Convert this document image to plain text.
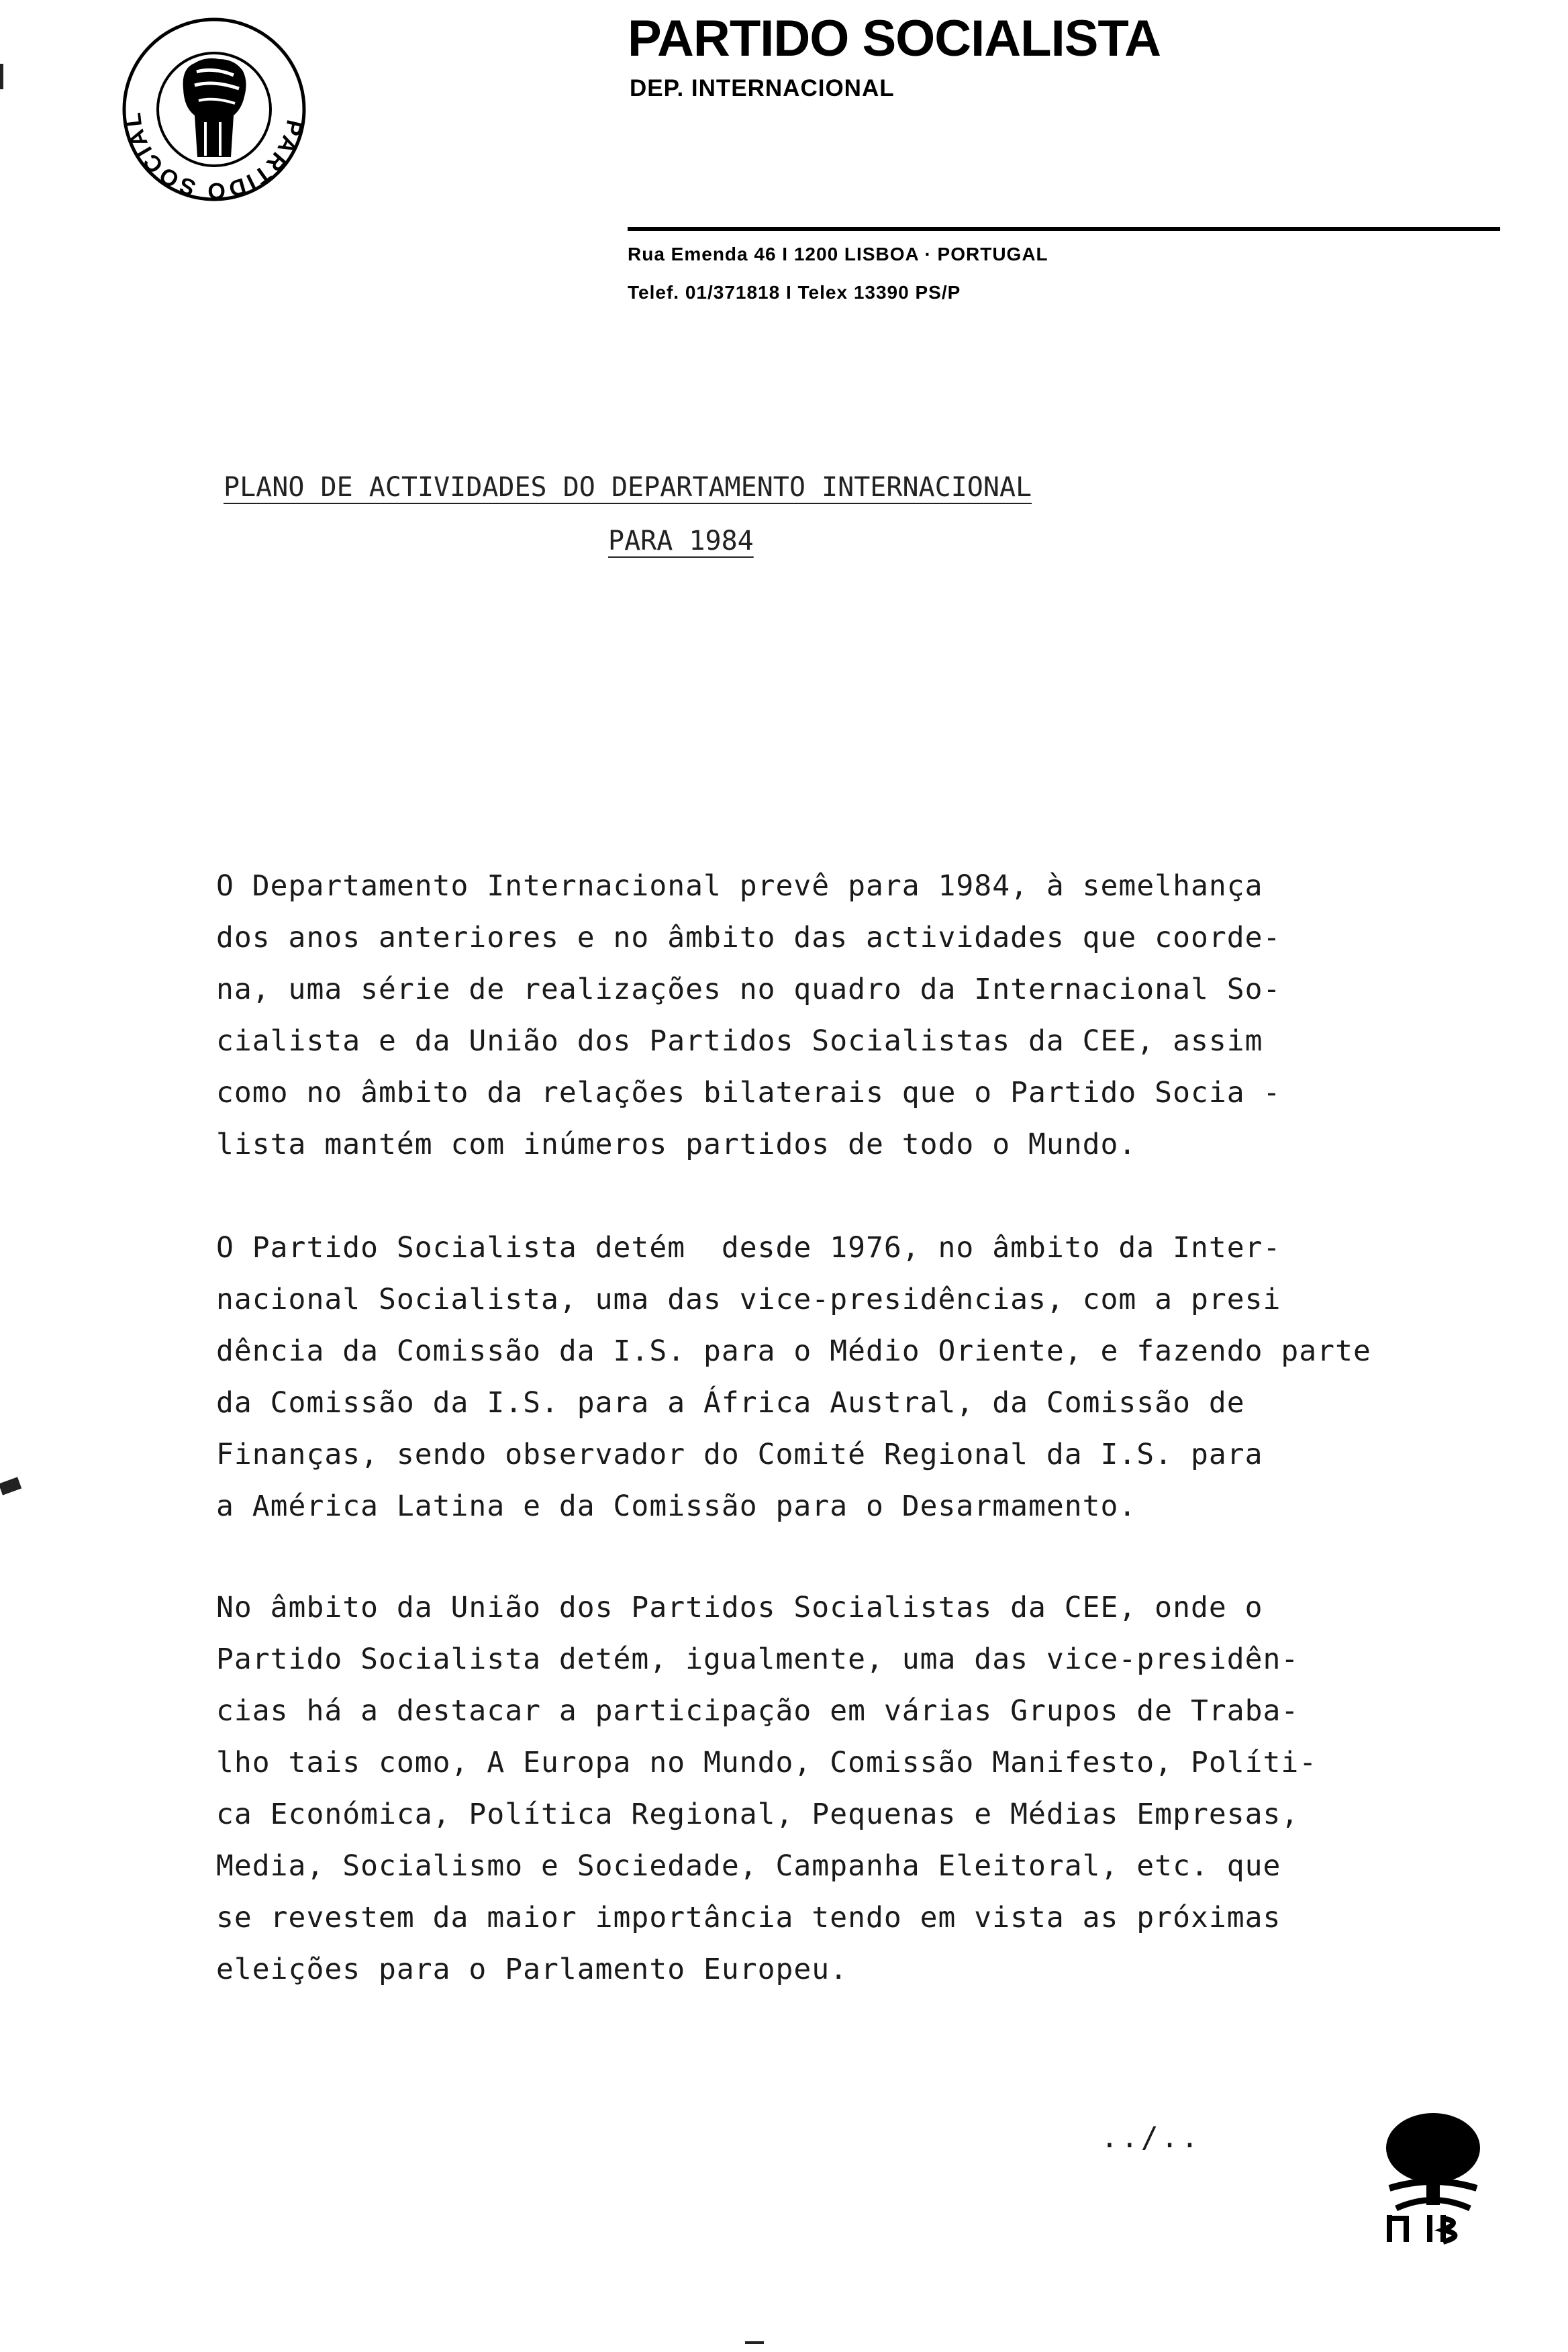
PARTIDO SOCIAL
PARTIDO SOCIALISTA
DEP. INTERNACIONAL
Rua Emenda 46 I 1200 LISBOA · PORTUGAL
Telef. 01/371818 I Telex 13390 PS/P
PLANO DE ACTIVIDADES DO DEPARTAMENTO INTERNACIONAL
PARA 1984
O Departamento Internacional prevê para 1984, à semelhança
dos anos anteriores e no âmbito das actividades que coorde-
na, uma série de realizações no quadro da Internacional So-
cialista e da União dos Partidos Socialistas da CEE, assim
como no âmbito da relações bilaterais que o Partido Socia -
lista mantém com inúmeros partidos de todo o Mundo.
O Partido Socialista detém  desde 1976, no âmbito da Inter-
nacional Socialista, uma das vice-presidências, com a presi
dência da Comissão da I.S. para o Médio Oriente, e fazendo parte
da Comissão da I.S. para a África Austral, da Comissão de
Finanças, sendo observador do Comité Regional da I.S. para
a América Latina e da Comissão para o Desarmamento.
No âmbito da União dos Partidos Socialistas da CEE, onde o
Partido Socialista detém, igualmente, uma das vice-presidên-
cias há a destacar a participação em várias Grupos de Traba-
lho tais como, A Europa no Mundo, Comissão Manifesto, Políti-
ca Económica, Política Regional, Pequenas e Médias Empresas,
Media, Socialismo e Sociedade, Campanha Eleitoral, etc. que
se revestem da maior importância tendo em vista as próximas
eleições para o Parlamento Europeu.
../..
